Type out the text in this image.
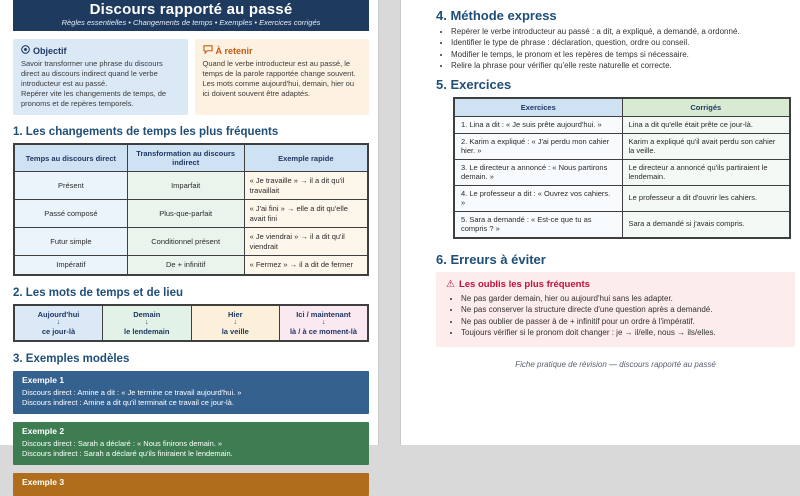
Discours rapporté au passé
Règles essentielles • Changements de temps • Exemples • Exercices corrigés
Objectif

Savoir transformer une phrase du discours direct au discours indirect quand le verbe introducteur est au passé.

Repérer vite les changements de temps, de pronoms et de repères temporels.

À retenir

Quand le verbe introducteur est au passé, le temps de la parole rapportée change souvent.

Les mots comme aujourd'hui, demain, hier ou ici doivent souvent être adaptés.

1. Les changements de temps les plus fréquents
Temps au discours direct	Transformation au discours indirect	Exemple rapide
Présent	Imparfait	« Je travaille » → il a dit qu'il travaillait
Passé composé	Plus-que-parfait	« J'ai fini » → elle a dit qu'elle avait fini
Futur simple	Conditionnel présent	« Je viendrai » → il a dit qu'il viendrait
Impératif	De + infinitif	« Fermez » → il a dit de fermer
2. Les mots de temps et de lieu
Aujourd'hui
↓
ce jour-là	Demain
↓
le lendemain	Hier
↓
la veille	Ici / maintenant
↓
là / à ce moment-là
3. Exemples modèles
Exemple 1
Discours direct : Amine a dit : « Je termine ce travail aujourd'hui. »
Discours indirect : Amine a dit qu'il terminait ce travail ce jour-là.
Exemple 2
Discours direct : Sarah a déclaré : « Nous finirons demain. »
Discours indirect : Sarah a déclaré qu'ils finiraient le lendemain.
Exemple 3
4. Méthode express
• Repérer le verbe introducteur au passé : a dit, a expliqué, a demandé, a ordonné.
• Identifier le type de phrase : déclaration, question, ordre ou conseil.
• Modifier le temps, le pronom et les repères de temps si nécessaire.
• Relire la phrase pour vérifier qu'elle reste naturelle et correcte.
5. Exercices
Exercices	Corrigés
1. Lina a dit : « Je suis prête aujourd'hui. »	Lina a dit qu'elle était prête ce jour-là.
2. Karim a expliqué : « J'ai perdu mon cahier hier. »	Karim a expliqué qu'il avait perdu son cahier la veille.
3. Le directeur a annoncé : « Nous partirons demain. »	Le directeur a annoncé qu'ils partiraient le lendemain.
4. Le professeur a dit : « Ouvrez vos cahiers. »	Le professeur a dit d'ouvrir les cahiers.
5. Sara a demandé : « Est-ce que tu as compris ? »	Sara a demandé si j'avais compris.
6. Erreurs à éviter
⚠ Les oublis les plus fréquents
• Ne pas garder demain, hier ou aujourd'hui sans les adapter.
• Ne pas conserver la structure directe d'une question après a demandé.
• Ne pas oublier de passer à de + infinitif pour un ordre à l'impératif.
• Toujours vérifier si le pronom doit changer : je → il/elle, nous → ils/elles.
Fiche pratique de révision — discours rapporté au passé
